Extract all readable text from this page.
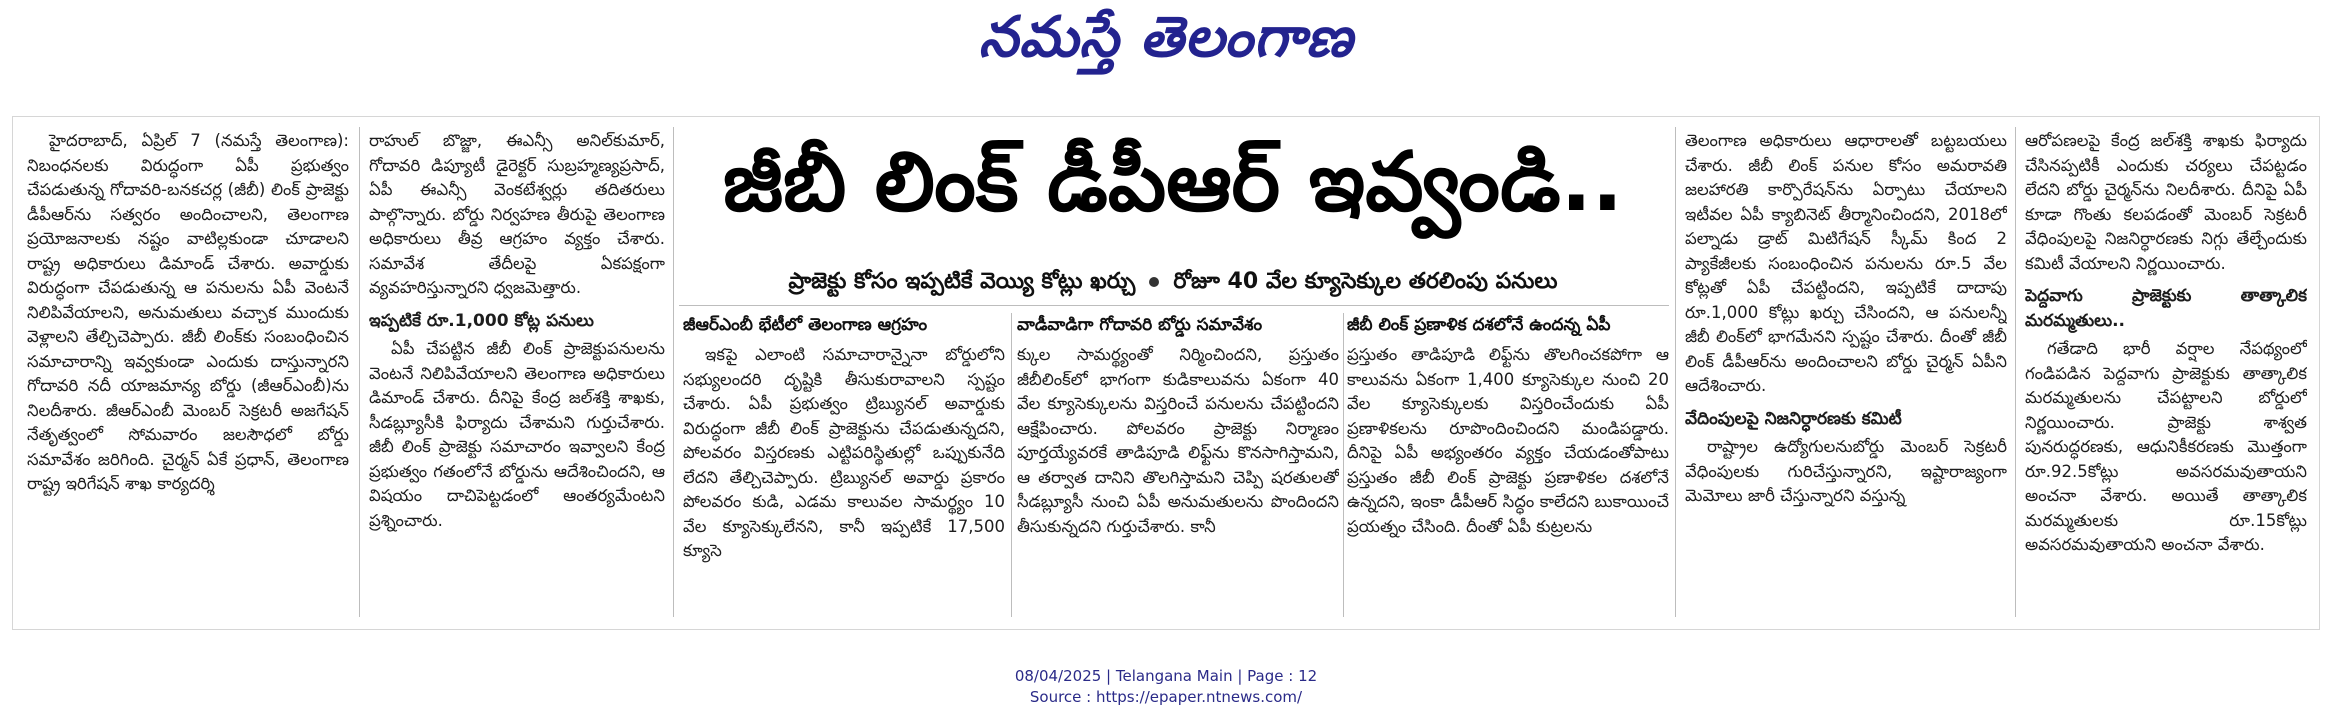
నమస్తే తెలంగాణ

హైదరాబాద్, ఏప్రిల్ 7 (నమస్తే తెలంగాణ): నిబంధనలకు విరుద్ధంగా ఏపీ ప్రభుత్వం చేపడుతున్న గోదావరి-బనకచర్ల (జీబీ) లింక్ ప్రాజెక్టు డీపీఆర్‌ను సత్వరం అందించాలని, తెలంగాణ ప్రయోజనాలకు నష్టం వాటిల్లకుండా చూడాలని రాష్ట్ర అధికారులు డిమాండ్ చేశారు. అవార్డుకు విరుద్ధంగా చేపడుతున్న ఆ పనులను ఏపీ వెంటనే నిలిపివేయాలని, అనుమతులు వచ్చాక ముందుకు వెళ్లాలని తేల్చిచెప్పారు. జీబీ లింక్‌కు సంబంధించిన సమాచారాన్ని ఇవ్వకుండా ఎందుకు దాస్తున్నారని గోదావరి నదీ యాజమాన్య బోర్డు (జీఆర్ఎంబీ)ను నిలదీశారు. జీఆర్ఎంబీ మెంబర్ సెక్రటరీ అజగేషన్ నేతృత్వంలో సోమవారం జలసౌధలో బోర్డు సమావేశం జరిగింది. చైర్మన్ ఏకే ప్రధాన్, తెలంగాణ రాష్ట్ర ఇరిగేషన్ శాఖ కార్యదర్శి

రాహుల్ బొజ్జా, ఈఎన్సీ అనిల్‌కుమార్, గోదావరి డిప్యూటీ డైరెక్టర్ సుబ్రహ్మణ్యప్రసాద్, ఏపీ ఈఎన్సీ వెంకటేశ్వర్లు తదితరులు పాల్గొన్నారు. బోర్డు నిర్వహణ తీరుపై తెలంగాణ అధికారులు తీవ్ర ఆగ్రహం వ్యక్తం చేశారు. సమావేశ తేదీలపై ఏకపక్షంగా వ్యవహరిస్తున్నారని ధ్వజమెత్తారు.

ఇప్పటికే రూ.1,000 కోట్ల పనులు

ఏపీ చేపట్టిన జీబీ లింక్ ప్రాజెక్టుపనులను వెంటనే నిలిపివేయాలని తెలంగాణ అధికారులు డిమాండ్ చేశారు. దీనిపై కేంద్ర జల్‌శక్తి శాఖకు, సీడబ్ల్యూసీకి ఫిర్యాదు చేశామని గుర్తుచేశారు. జీబీ లింక్ ప్రాజెక్టు సమాచారం ఇవ్వాలని కేంద్ర ప్రభుత్వం గతంలోనే బోర్డును ఆదేశించిందని, ఆ విషయం దాచిపెట్టడంలో ఆంతర్యమేంటని ప్రశ్నించారు.

జీబీ లింక్ డీపీఆర్ ఇవ్వండి..
ప్రాజెక్టు కోసం ఇప్పటికే వెయ్యి కోట్లు ఖర్చు రోజూ 40 వేల క్యూసెక్కుల తరలింపు పనులు
జీఆర్ఎంబీ భేటీలో తెలంగాణ ఆగ్రహం	వాడీవాడిగా గోదావరి బోర్డు సమావేశం	జీబీ లింక్ ప్రణాళిక దశలోనే ఉందన్న ఏపీ

ఇకపై ఎలాంటి సమాచారాన్నైనా బోర్డులోని సభ్యులందరి దృష్టికి తీసుకురావాలని స్పష్టం చేశారు. ఏపీ ప్రభుత్వం ట్రిబ్యునల్ అవార్డుకు విరుద్ధంగా జీబీ లింక్ ప్రాజెక్టును చేపడుతున్నదని, పోలవరం విస్తరణకు ఎట్టిపరిస్థితుల్లో ఒప్పుకునేది లేదని తేల్చిచెప్పారు. ట్రిబ్యునల్ అవార్డు ప్రకారం పోలవరం కుడి, ఎడమ కాలువల సామర్థ్యం 10 వేల క్యూసెక్కులేనని, కానీ ఇప్పటికే 17,500 క్యూసె

క్కుల సామర్థ్యంతో నిర్మించిందని, ప్రస్తుతం జీబీలింక్‌లో భాగంగా కుడికాలువను ఏకంగా 40 వేల క్యూసెక్కులను విస్తరించే పనులను చేపట్టిందని ఆక్షేపించారు. పోలవరం ప్రాజెక్టు నిర్మాణం పూర్తయ్యేవరకే తాడిపూడి లిఫ్ట్‌ను కొనసాగిస్తామని, ఆ తర్వాత దానిని తొలగిస్తామని చెప్పి షరతులతో సీడబ్ల్యూసీ నుంచి ఏపీ అనుమతులను పొందిందని తీసుకున్నదని గుర్తుచేశారు. కానీ

ప్రస్తుతం తాడిపూడి లిఫ్ట్‌ను తొలగించకపోగా ఆ కాలువను ఏకంగా 1,400 క్యూసెక్కుల నుంచి 20 వేల క్యూసెక్కులకు విస్తరించేందుకు ఏపీ ప్రణాళికలను రూపొందించిందని మండిపడ్డారు. దీనిపై ఏపీ అభ్యంతరం వ్యక్తం చేయడంతోపాటు ప్రస్తుతం జీబీ లింక్ ప్రాజెక్టు ప్రణాళికల దశలోనే ఉన్నదని, ఇంకా డీపీఆర్ సిద్ధం కాలేదని బుకాయించే ప్రయత్నం చేసింది. దీంతో ఏపీ కుట్రలను

తెలంగాణ అధికారులు ఆధారాలతో బట్టబయలు చేశారు. జీబీ లింక్ పనుల కోసం అమరావతి జలహారతి కార్పొరేషన్‌ను ఏర్పాటు చేయాలని ఇటీవల ఏపీ క్యాబినెట్ తీర్మానించిందని, 2018లో పల్నాడు డ్రాట్ మిటిగేషన్ స్కీమ్ కింద 2 ప్యాకేజీలకు సంబంధించిన పనులను రూ.5 వేల కోట్లతో ఏపీ చేపట్టిందని, ఇప్పటికే దాదాపు రూ.1,000 కోట్లు ఖర్చు చేసిందని, ఆ పనులన్నీ జీబీ లింక్‌లో భాగమేనని స్పష్టం చేశారు. దీంతో జీబీ లింక్ డీపీఆర్‌ను అందించాలని బోర్డు చైర్మన్ ఏపీని ఆదేశించారు.

వేదింపులపై నిజనిర్ధారణకు కమిటీ

రాష్ట్రాల ఉద్యోగులనుబోర్డు మెంబర్ సెక్రటరీ వేధింపులకు గురిచేస్తున్నారని, ఇష్టారాజ్యంగా మెమోలు జారీ చేస్తున్నారని వస్తున్న

ఆరోపణలపై కేంద్ర జల్‌శక్తి శాఖకు ఫిర్యాదు చేసినప్పటికీ ఎందుకు చర్యలు చేపట్టడం లేదని బోర్డు చైర్మన్‌ను నిలదీశారు. దీనిపై ఏపీ కూడా గొంతు కలపడంతో మెంబర్ సెక్రటరీ వేధింపులపై నిజనిర్ధారణకు నిగ్గు తేల్చేందుకు కమిటీ వేయాలని నిర్ణయించారు.

పెద్దవాగు ప్రాజెక్టుకు తాత్కాలిక మరమ్మతులు..

గతేడాది భారీ వర్షాల నేపథ్యంలో గండిపడిన పెద్దవాగు ప్రాజెక్టుకు తాత్కాలిక మరమ్మతులను చేపట్టాలని బోర్డులో నిర్ణయించారు. ప్రాజెక్టు శాశ్వత పునరుద్ధరణకు, ఆధునికీకరణకు మొత్తంగా రూ.92.5కోట్లు అవసరమవుతాయని అంచనా వేశారు. అయితే తాత్కాలిక మరమ్మతులకు రూ.15కోట్లు అవసరమవుతాయని అంచనా వేశారు.

08/04/2025 | Telangana Main | Page : 12
Source : https://epaper.ntnews.com/
